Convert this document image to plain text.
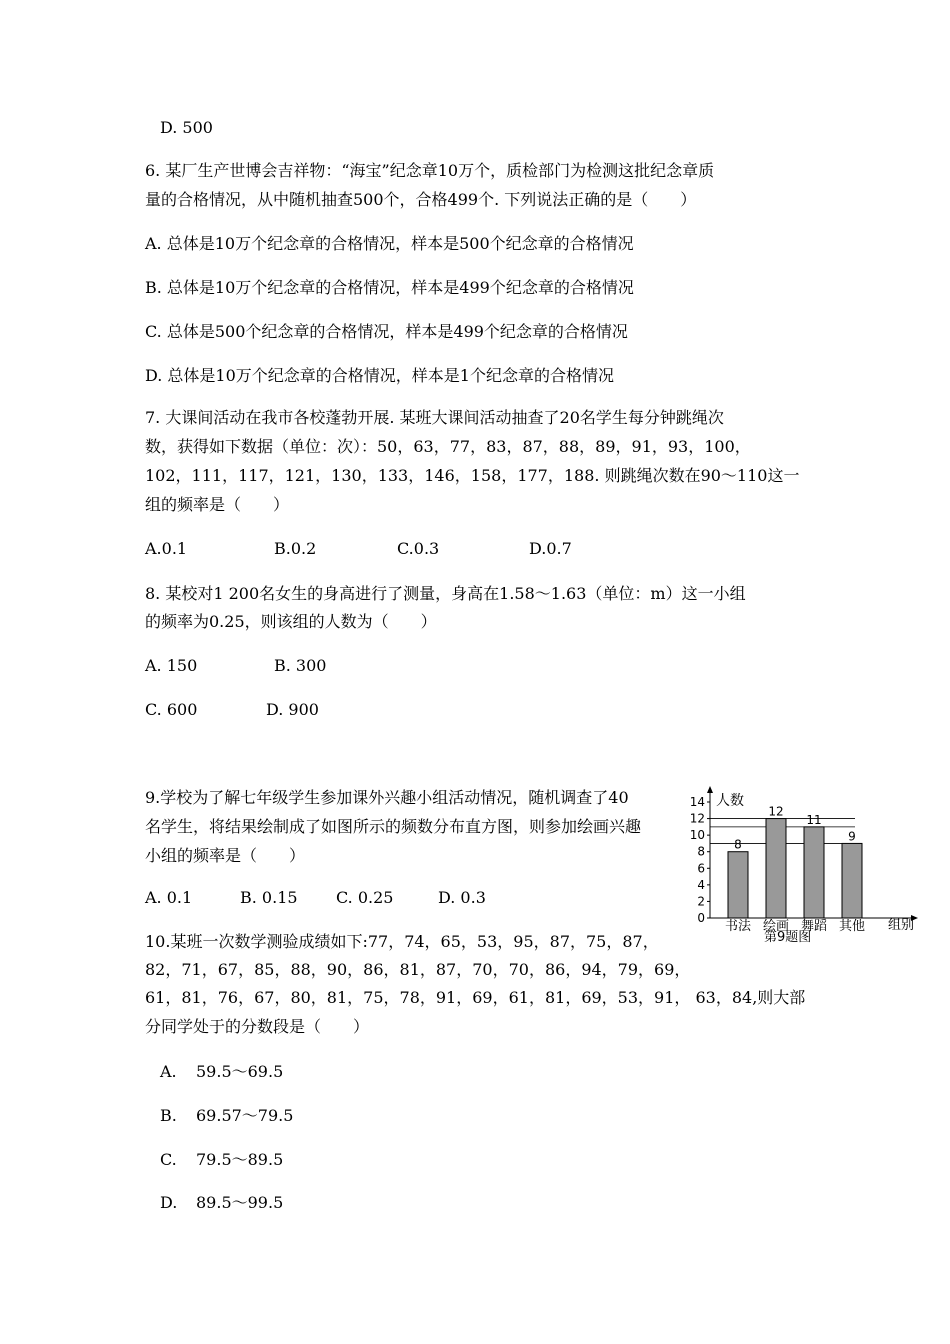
D. 500
6. 某厂生产世博会吉祥物：“海宝”纪念章10万个，质检部门为检测这批纪念章质
量的合格情况，从中随机抽查500个，合格499个. 下列说法正确的是（　　）
A. 总体是10万个纪念章的合格情况，样本是500个纪念章的合格情况
B. 总体是10万个纪念章的合格情况，样本是499个纪念章的合格情况
C. 总体是500个纪念章的合格情况，样本是499个纪念章的合格情况
D. 总体是10万个纪念章的合格情况，样本是1个纪念章的合格情况
7. 大课间活动在我市各校蓬勃开展. 某班大课间活动抽查了20名学生每分钟跳绳次
数，获得如下数据（单位：次）：50，63，77，83，87，88，89，91，93，100，
102，111，117，121，130，133，146，158，177，188. 则跳绳次数在90～110这一
组的频率是（　　）
A.0.1	B.0.2	C.0.3	D.0.7
8. 某校对1 200名女生的身高进行了测量，身高在1.58～1.63（单位：m）这一小组
的频率为0.25，则该组的人数为（　　）
A. 150	B. 300
C. 600	D. 900
9.学校为了解七年级学生参加课外兴趣小组活动情况，随机调查了40
名学生，将结果绘制成了如图所示的频数分布直方图，则参加绘画兴趣
小组的频率是（　　）
A. 0.1	B. 0.15 C. 0.25	D. 0.3
人数
组别
第9题图
0
2
4
6
8
10
12
14
8
书法
12
绘画
11
舞蹈
9
其他
10.某班一次数学测验成绩如下:77，74，65，53，95，87，75，87，
82，71，67，85，88，90，86，81，87，70，70，86，94，79，69，
61，81，76，67，80，81，75，78，91，69，61，81，69，53，91， 63，84,则大部
分同学处于的分数段是（　　）
A. 59.5～69.5
B. 69.57～79.5
C. 79.5～89.5
D. 89.5～99.5
